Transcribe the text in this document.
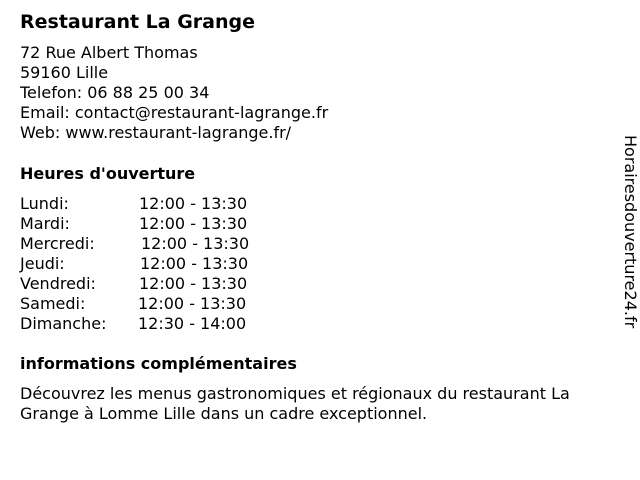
Restaurant La Grange
72 Rue Albert Thomas
59160 Lille
Telefon: 06 88 25 00 34
Email: contact@restaurant-lagrange.fr
Web: www.restaurant-lagrange.fr/
Heures d'ouverture
Lundi:	12:00 - 13:30
Mardi:	12:00 - 13:30
Mercredi:	12:00 - 13:30
Jeudi:	12:00 - 13:30
Vendredi:	12:00 - 13:30
Samedi:	12:00 - 13:30
Dimanche: 12:30 - 14:00
informations complémentaires
Découvrez les menus gastronomiques et régionaux du restaurant La Grange à Lomme Lille dans un cadre exceptionnel.
Horairesdouverture24.fr
